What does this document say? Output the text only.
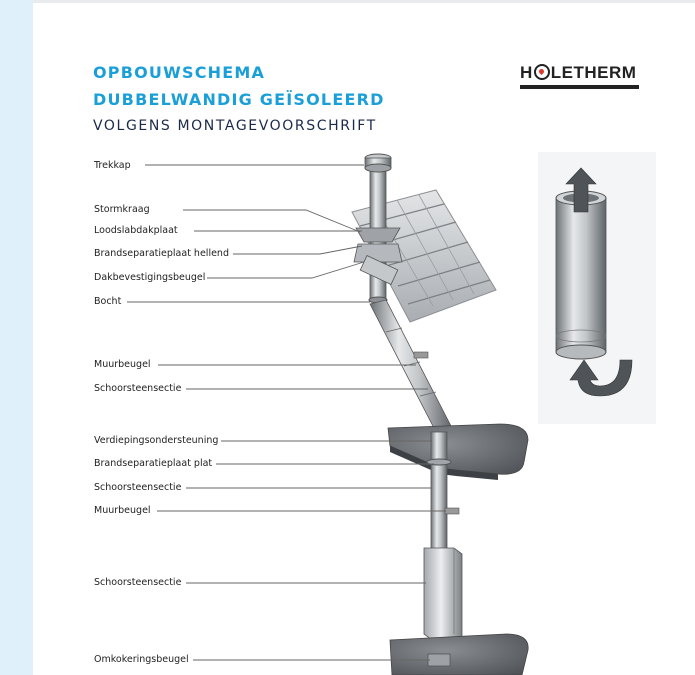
OPBOUWSCHEMA
DUBBELWANDIG GEÏSOLEERD
VOLGENS MONTAGEVOORSCHRIFT
H LETHERM
Trekkap
Stormkraag
Loodslabdakplaat
Brandseparatieplaat hellend
Dakbevestigingsbeugel
Bocht
Muurbeugel
Schoorsteensectie
Verdiepingsondersteuning
Brandseparatieplaat plat
Schoorsteensectie
Muurbeugel
Schoorsteensectie
Omkokeringsbeugel
